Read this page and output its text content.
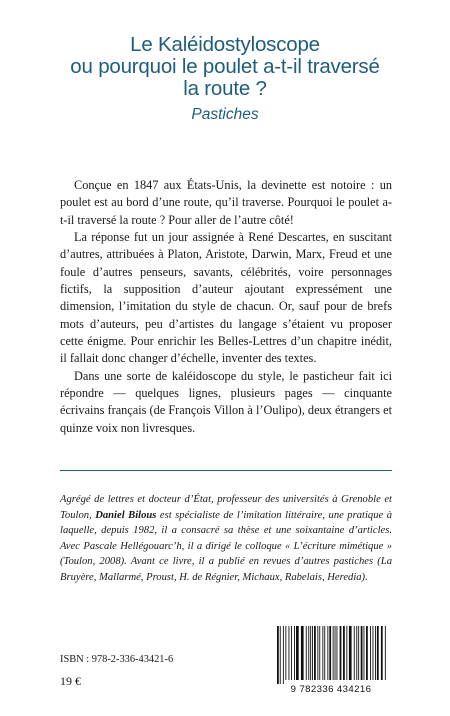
Le Kaléidostyloscope
ou pourquoi le poulet a-t-il traversé
la route ?
Pastiches

Conçue en 1847 aux États-Unis, la devinette est notoire : un poulet est au bord d’une route, qu’il traverse. Pourquoi le poulet a-t-il traversé la route ? Pour aller de l’autre côté!

La réponse fut un jour assignée à René Descartes, en suscitant d’autres, attribuées à Platon, Aristote, Darwin, Marx, Freud et une foule d’autres penseurs, savants, célébrités, voire personnages fictifs, la supposition d’auteur ajoutant expressément une dimension, l’imitation du style de chacun. Or, sauf pour de brefs mots d’auteurs, peu d’artistes du langage s’étaient vu proposer cette énigme. Pour enrichir les Belles-Lettres d’un chapitre inédit, il fallait donc changer d’échelle, inventer des textes.

Dans une sorte de kaléidoscope du style, le pasticheur fait ici répondre — quelques lignes, plusieurs pages — cinquante écrivains français (de François Villon à l’Oulipo), deux étrangers et quinze voix non livresques.

Agrégé de lettres et docteur d’État, professeur des universités à Grenoble et Toulon, Daniel Bilous est spécialiste de l’imitation littéraire, une pratique à laquelle, depuis 1982, il a consacré sa thèse et une soixantaine d’articles. Avec Pascale Hellégouarc’h, il a dirigé le colloque « L’écriture mimétique » (Toulon, 2008). Avant ce livre, il a publié en revues d’autres pastiches (La Bruyère, Mallarmé, Proust, H. de Régnier, Michaux, Rabelais, Heredia).

ISBN : 978-2-336-43421-6
19 €
9 782336 434216
